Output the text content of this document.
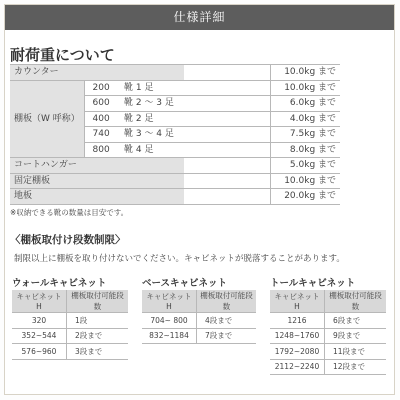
仕様詳細
耐荷重について
カウンター				10.0kg まで
棚板（W 呼称）	200	靴 1 足		10.0kg まで
	600	靴 2 ～ 3 足		6.0kg まで
	400	靴 2 足		4.0kg まで
	740	靴 3 ～ 4 足		7.5kg まで
	800	靴 4 足		8.0kg まで
コートハンガー				5.0kg まで
固定棚板				10.0kg まで
地板				20.0kg まで
※収納できる靴の数量は目安です。
〈棚板取付け段数制限〉
制限以上に棚板を取り付けないでください。キャビネットが脱落することがあります。
ウォールキャビネット
キャビネットH	棚板取付可能段数
320	1段
352~544	2段まで
576~960	3段まで
ベースキャビネット
キャビネットH	棚板取付可能段数
704~ 800	4段まで
832~1184	7段まで
トールキャビネット
キャビネットH	棚板取付可能段数
1216	6段まで
1248~1760	9段まで
1792~2080	11段まで
2112~2240	12段まで
